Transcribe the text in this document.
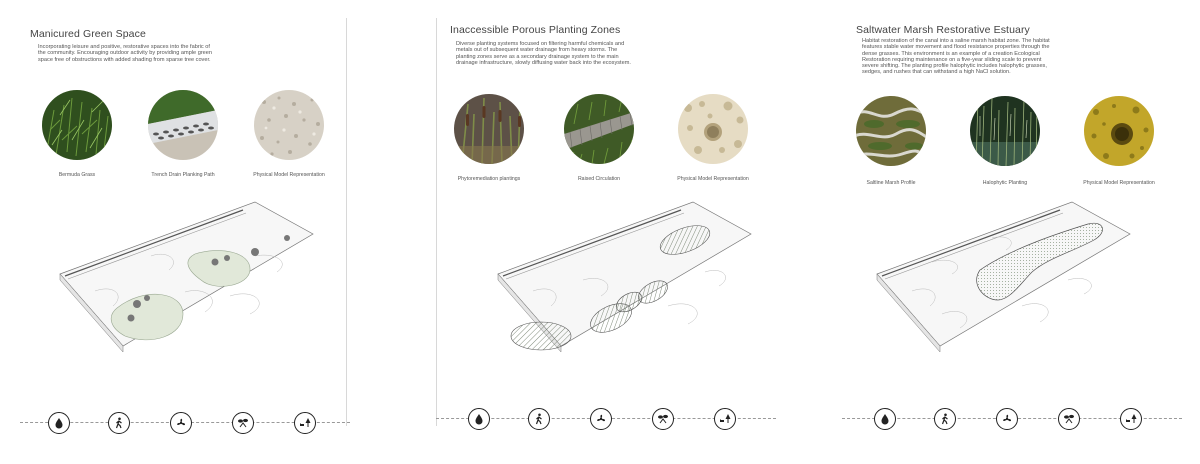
Manicured Green Space

Incorporating leisure and positive, restorative spaces into the fabric of the community. Encouraging outdoor activity by providing ample green space free of obstructions with added shading from sparse tree cover.

Bermuda Grass	Trench Drain Planking Path	Physical Model Representation
Inaccessible Porous Planting Zones

Diverse planting systems focused on filtering harmful chemicals and metals out of subsequent water drainage from heavy storms. The planting zones serve as a secondary drainage system to the main drainage infrastructure, slowly diffusing water back into the ecosystem.

Phytoremediation plantings	Raised Circulation	Physical Model Representation
Saltwater Marsh Restorative Estuary

Habitat restoration of the canal into a saline marsh habitat zone. The habitat features stable water movement and flood resistance properties through the dense grasses. This environment is an example of a creation Ecological Restoration requiring maintenance on a five-year sliding scale to prevent severe shifting. The planting profile halophytic includes halophytic grasses, sedges, and rushes that can withstand a high NaCl solution.

Saltline Marsh Profile	Halophytic Planting	Physical Model Representation
